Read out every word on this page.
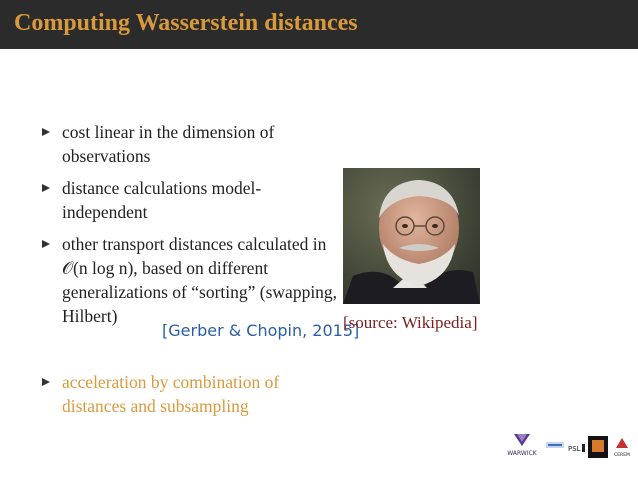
Computing Wasserstein distances
cost linear in the dimension of observations
distance calculations model-independent
other transport distances calculated in 𝒪(n log n), based on different generalizations of “sorting” (swapping, Hilbert)
acceleration by combination of distances and subsampling
[Gerber & Chopin, 2015]
[source: Wikipedia]
WARWICK
PSL
CEREM
